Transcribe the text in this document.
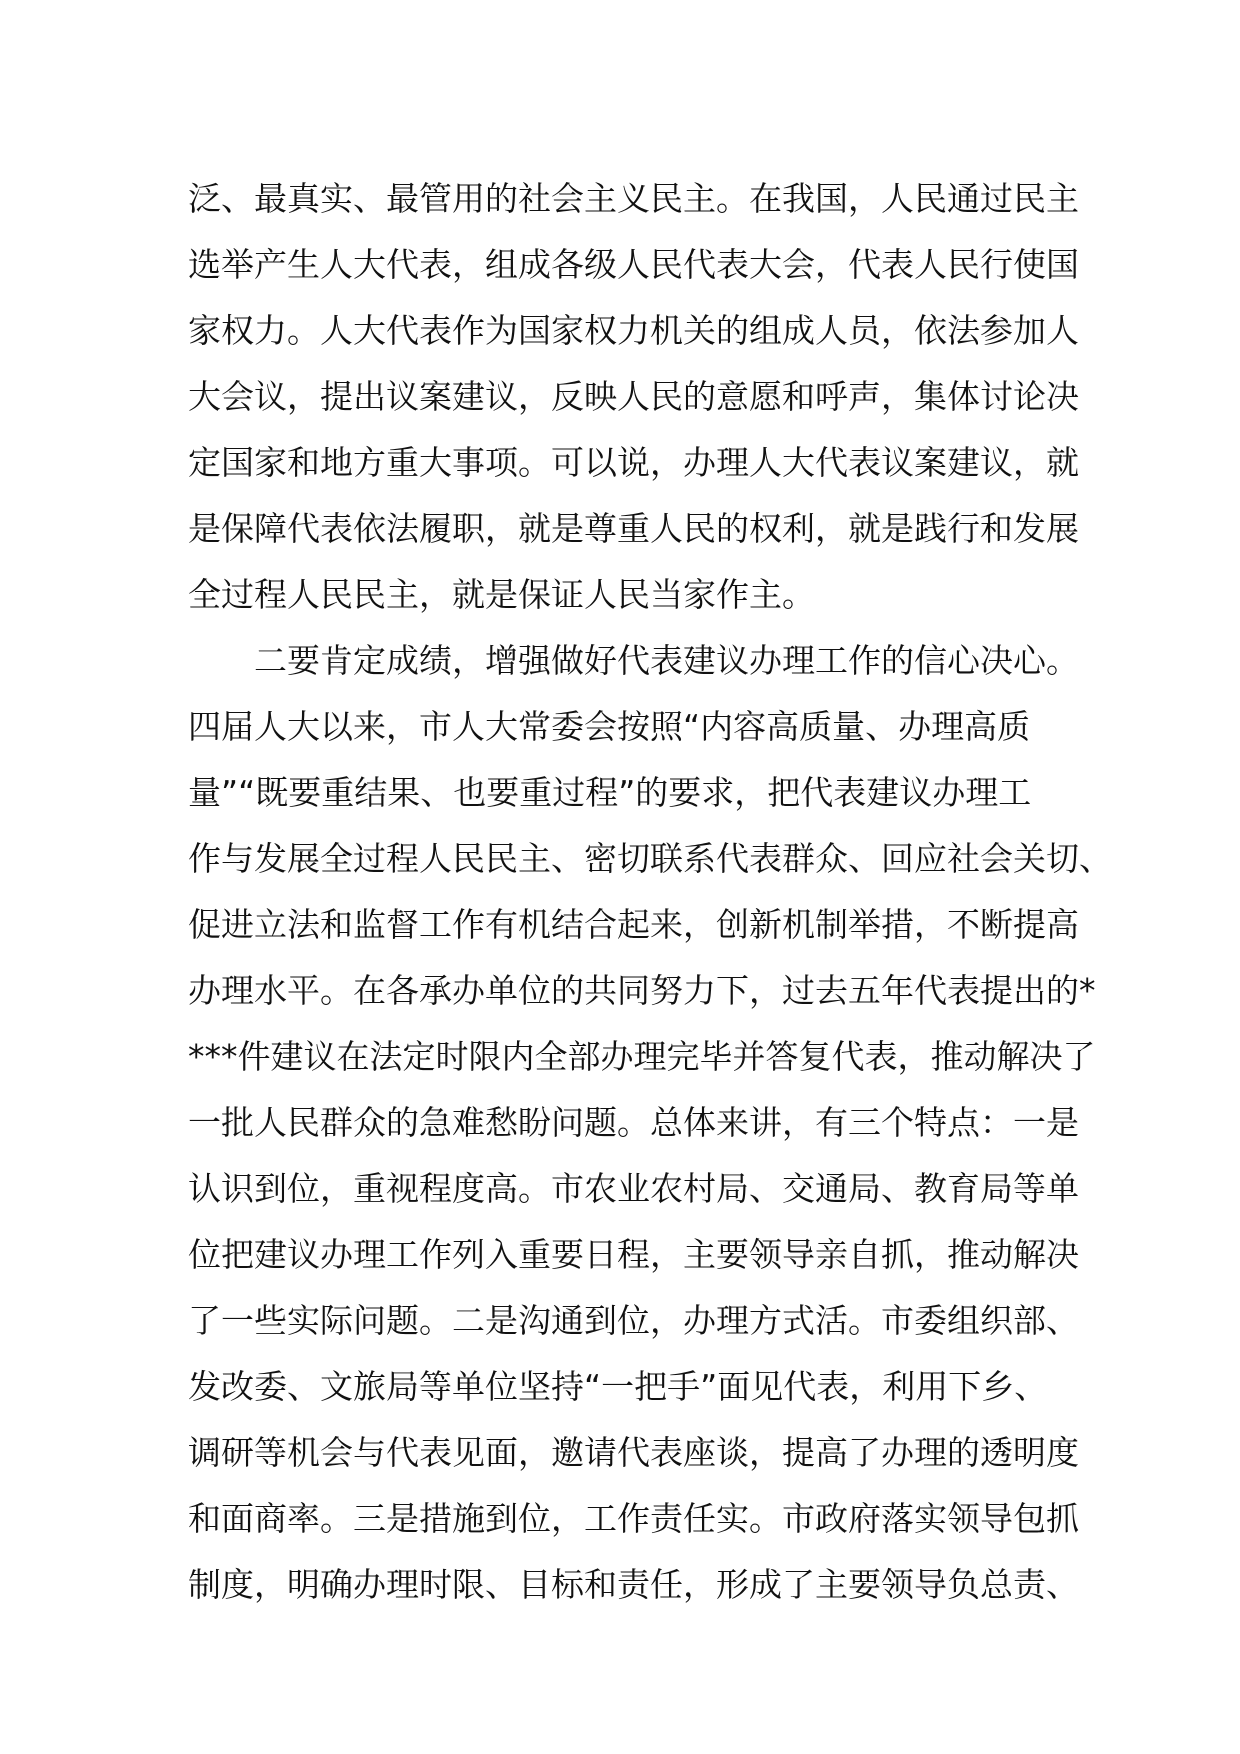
泛、最真实、最管用的社会主义民主。在我国，人民通过民主
选举产生人大代表，组成各级人民代表大会，代表人民行使国
家权力。人大代表作为国家权力机关的组成人员，依法参加人
大会议，提出议案建议，反映人民的意愿和呼声，集体讨论决
定国家和地方重大事项。可以说，办理人大代表议案建议，就
是保障代表依法履职，就是尊重人民的权利，就是践行和发展
全过程人民民主，就是保证人民当家作主。
二要肯定成绩，增强做好代表建议办理工作的信心决心。
四届人大以来，市人大常委会按照“内容高质量、办理高质
量”“既要重结果、也要重过程”的要求，把代表建议办理工
作与发展全过程人民民主、密切联系代表群众、回应社会关切、
促进立法和监督工作有机结合起来，创新机制举措，不断提高
办理水平。在各承办单位的共同努力下，过去五年代表提出的*
***件建议在法定时限内全部办理完毕并答复代表，推动解决了
一批人民群众的急难愁盼问题。总体来讲，有三个特点：一是
认识到位，重视程度高。市农业农村局、交通局、教育局等单
位把建议办理工作列入重要日程，主要领导亲自抓，推动解决
了一些实际问题。二是沟通到位，办理方式活。市委组织部、
发改委、文旅局等单位坚持“一把手”面见代表，利用下乡、
调研等机会与代表见面，邀请代表座谈，提高了办理的透明度
和面商率。三是措施到位，工作责任实。市政府落实领导包抓
制度，明确办理时限、目标和责任，形成了主要领导负总责、
